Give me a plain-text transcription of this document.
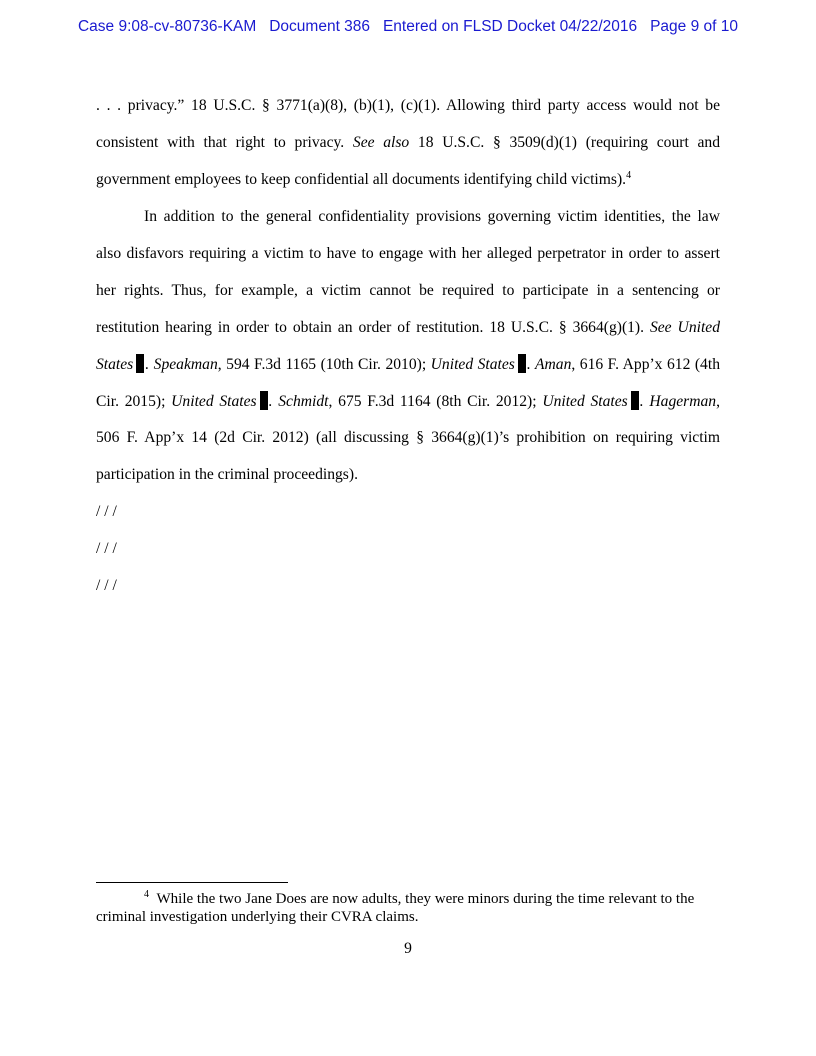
Case 9:08-cv-80736-KAM Document 386 Entered on FLSD Docket 04/22/2016 Page 9 of 10
. . . privacy.” 18 U.S.C. § 3771(a)(8), (b)(1), (c)(1). Allowing third party access would not be
consistent with that right to privacy. See also 18 U.S.C. § 3509(d)(1) (requiring court and
government employees to keep confidential all documents identifying child victims).$^4$
In addition to the general confidentiality provisions governing victim identities, the law
also disfavors requiring a victim to have to engage with her alleged perpetrator in order to assert
her rights. Thus, for example, a victim cannot be required to participate in a sentencing or
restitution hearing in order to obtain an order of restitution. 18 U.S.C. § 3664(g)(1). See United
States . Speakman, 594 F.3d 1165 (10th Cir. 2010); United States . Aman, 616 F. App’x 612 (4th
Cir. 2015); United States . Schmidt, 675 F.3d 1164 (8th Cir. 2012); United States . Hagerman,
506 F. App’x 14 (2d Cir. 2012) (all discussing § 3664(g)(1)’s prohibition on requiring victim
participation in the criminal proceedings).
/ / /
/ / /
/ / /
$^4$ While the two Jane Does are now adults, they were minors during the time relevant to the
criminal investigation underlying their CVRA claims.
9
